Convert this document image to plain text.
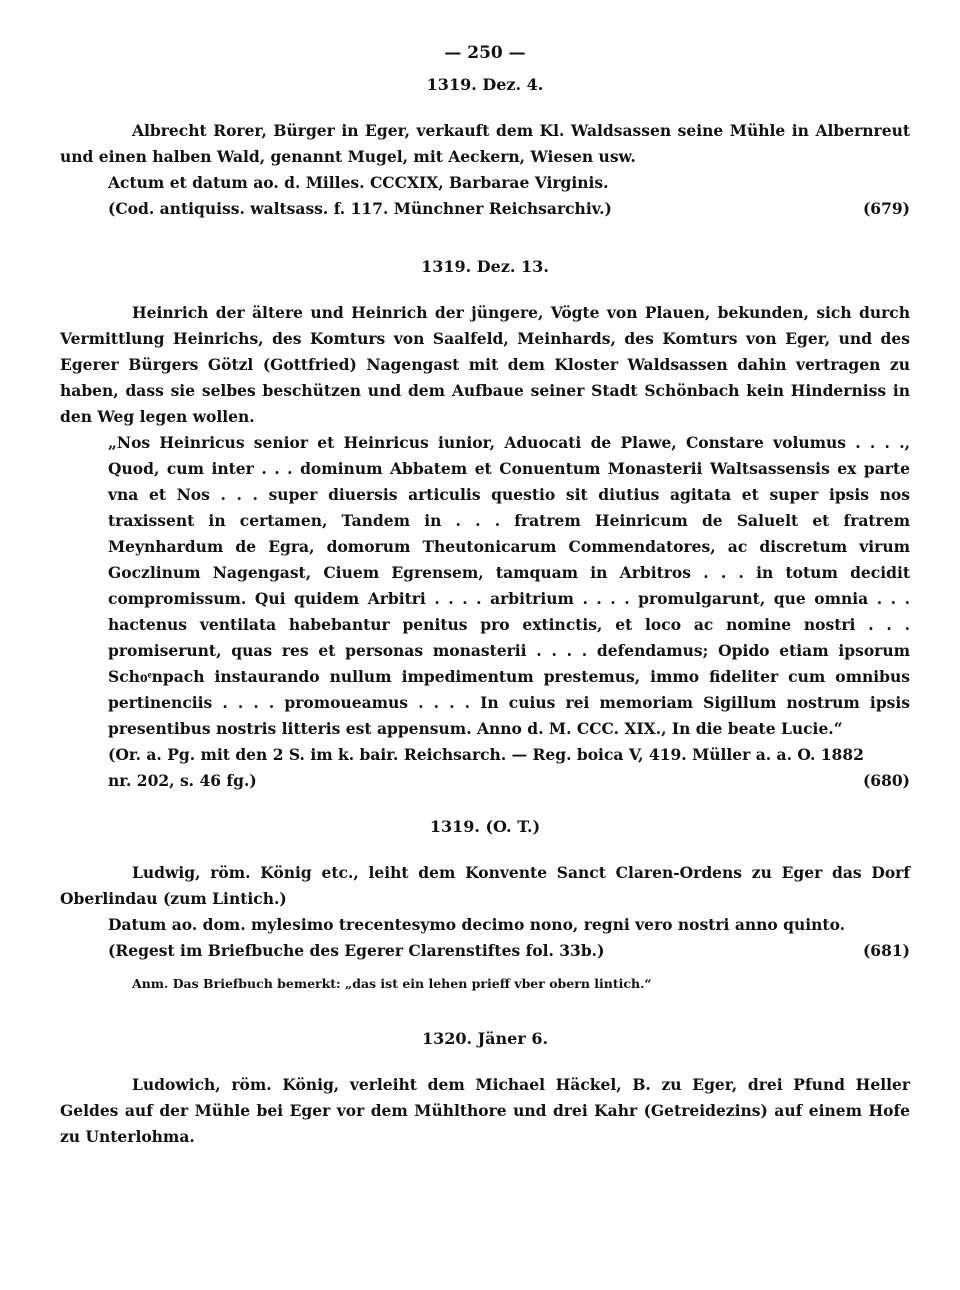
— 250 —
1319. Dez. 4.

Albrecht Rorer, Bürger in Eger, verkauft dem Kl. Waldsassen seine Mühle in Albernreut und einen halben Wald, genannt Mugel, mit Aeckern, Wiesen usw.

Actum et datum ao. d. Milles. CCCXIX, Barbarae Virginis.

(Cod. antiquiss. waltsass. f. 117. Münchner Reichsarchiv.)	(679)
1319. Dez. 13.

Heinrich der ältere und Heinrich der jüngere, Vögte von Plauen, bekunden, sich durch Vermittlung Heinrichs, des Komturs von Saalfeld, Meinhards, des Komturs von Eger, und des Egerer Bürgers Götzl (Gottfried) Nagengast mit dem Kloster Waldsassen dahin vertragen zu haben, dass sie selbes beschützen und dem Aufbaue seiner Stadt Schönbach kein Hinderniss in den Weg legen wollen.

„Nos Heinricus senior et Heinricus iunior, Aduocati de Plawe, Constare volumus . . . ., Quod, cum inter . . . dominum Abbatem et Conuentum Monasterii Waltsassensis ex parte vna et Nos . . . super diuersis articulis questio sit diutius agitata et super ipsis nos traxissent in certamen, Tandem in . . . fratrem Heinricum de Saluelt et fratrem Meynhardum de Egra, domorum Theutonicarum Commendatores, ac discretum virum Goczlinum Nagengast, Ciuem Egrensem, tamquam in Arbitros . . . in totum decidit compromissum. Qui quidem Arbitri . . . . arbitrium . . . . promulgarunt, que omnia . . . hactenus ventilata habebantur penitus pro extinctis, et loco ac nomine nostri . . . promiserunt, quas res et personas monasterii . . . . defendamus; Opido etiam ipsorum Schoͤnpach instaurando nullum impedimentum prestemus, immo fideliter cum omnibus pertinenciis . . . . promoueamus . . . . In cuius rei memoriam Sigillum nostrum ipsis presentibus nostris litteris est appensum. Anno d. M. CCC. XIX., In die beate Lucie.“

(Or. a. Pg. mit den 2 S. im k. bair. Reichsarch. — Reg. boica V, 419. Müller a. a. O. 1882

nr. 202, s. 46 fg.)	(680)
1319. (O. T.)

Ludwig, röm. König etc., leiht dem Konvente Sanct Claren-Ordens zu Eger das Dorf Oberlindau (zum Lintich.)

Datum ao. dom. mylesimo trecentesymo decimo nono, regni vero nostri anno quinto.

(Regest im Briefbuche des Egerer Clarenstiftes fol. 33b.)	(681)
Anm. Das Briefbuch bemerkt: „das ist ein lehen prieff vber obern lintich.“
1320. Jäner 6.

Ludowich, röm. König, verleiht dem Michael Häckel, B. zu Eger, drei Pfund Heller Geldes auf der Mühle bei Eger vor dem Mühlthore und drei Kahr (Getreidezins) auf einem Hofe zu Unterlohma.
